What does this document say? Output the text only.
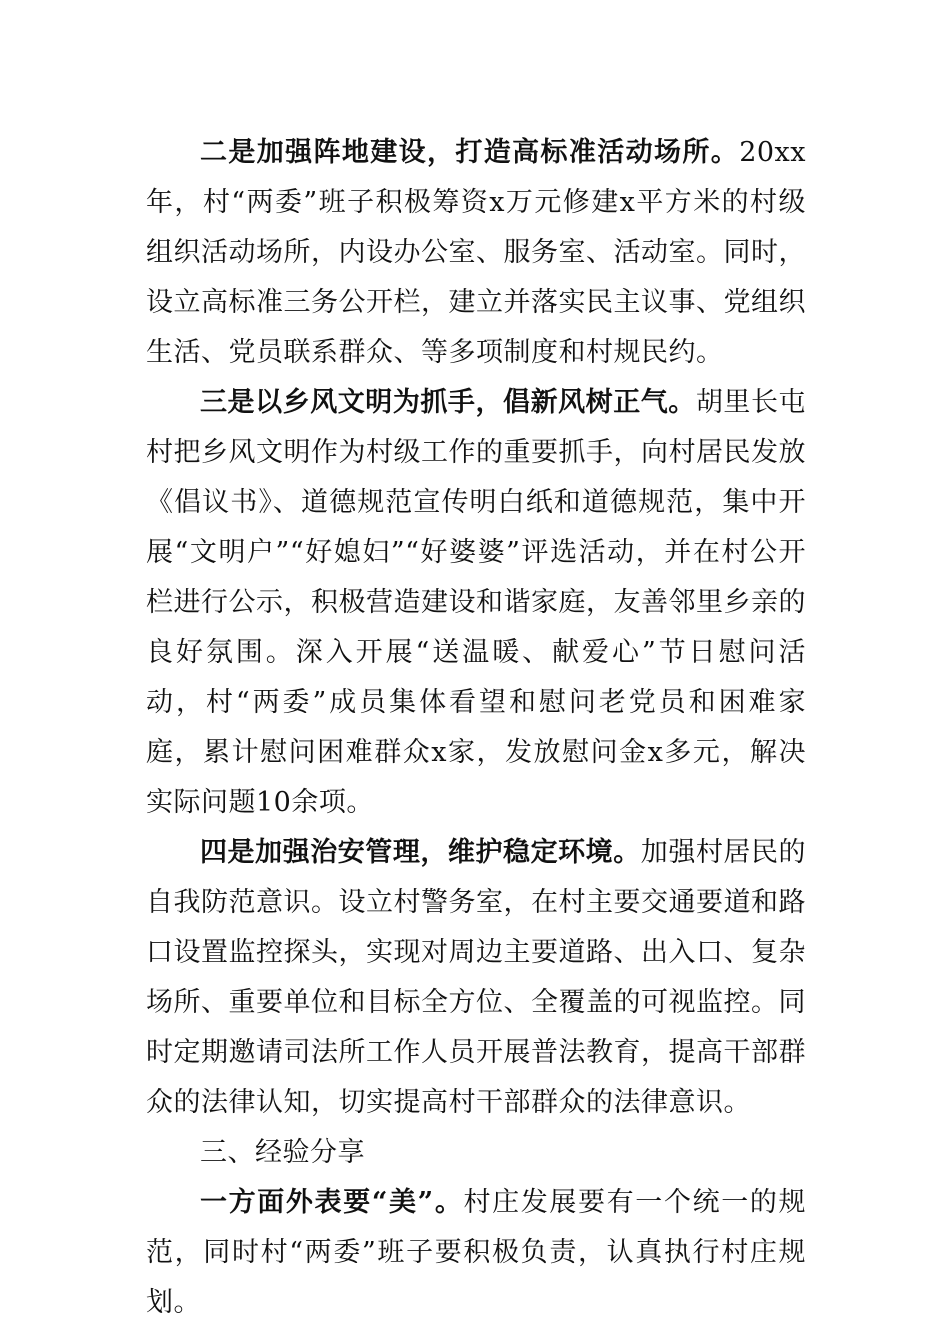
二是加强阵地建设，打造高标准活动场所。20xx年，村“两委”班子积极筹资x万元修建x平方米的村级组织活动场所，内设办公室、服务室、活动室。同时，设立高标准三务公开栏，建立并落实民主议事、党组织生活、党员联系群众、等多项制度和村规民约。

三是以乡风文明为抓手，倡新风树正气。胡里长屯村把乡风文明作为村级工作的重要抓手，向村居民发放《倡议书》、道德规范宣传明白纸和道德规范，集中开展“文明户”“好媳妇”“好婆婆”评选活动，并在村公开栏进行公示，积极营造建设和谐家庭，友善邻里乡亲的良好氛围。深入开展“送温暖、献爱心”节日慰问活动，村“两委”成员集体看望和慰问老党员和困难家庭，累计慰问困难群众x家，发放慰问金x多元，解决实际问题10余项。

四是加强治安管理，维护稳定环境。加强村居民的自我防范意识。设立村警务室，在村主要交通要道和路口设置监控探头，实现对周边主要道路、出入口、复杂场所、重要单位和目标全方位、全覆盖的可视监控。同时定期邀请司法所工作人员开展普法教育，提高干部群众的法律认知，切实提高村干部群众的法律意识。

三、经验分享

一方面外表要“美”。村庄发展要有一个统一的规范，同时村“两委”班子要积极负责，认真执行村庄规划。
